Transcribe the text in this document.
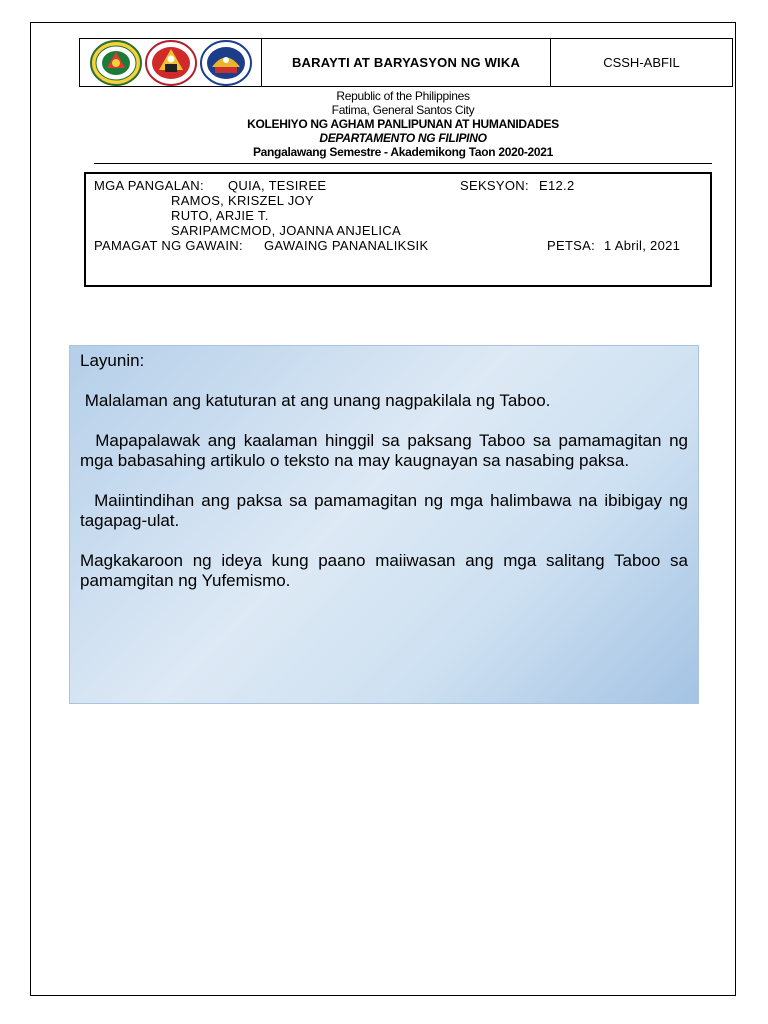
BARAYTI AT BARYASYON NG WIKA	CSSH-ABFIL
Republic of the Philippines
Fatima, General Santos City
KOLEHIYO NG AGHAM PANLIPUNAN AT HUMANIDADES
DEPARTAMENTO NG FILIPINO
Pangalawang Semestre - Akademikong Taon 2020-2021
MGA PANGALAN: QUIA, TESIREE	SEKSYON: E12.2
RAMOS, KRISZEL JOY
RUTO, ARJIE T.
SARIPAMCMOD, JOANNA ANJELICA
PAMAGAT NG GAWAIN: GAWAING PANANALIKSIK	PETSA: 1 Abril, 2021
Layunin:
Malalaman ang katuturan at ang unang nagpakilala ng Taboo.
Mapapalawak ang kaalaman hinggil sa paksang Taboo sa pamamagitan ng mga babasahing artikulo o teksto na may kaugnayan sa nasabing paksa.
Maiintindihan ang paksa sa pamamagitan ng mga halimbawa na ibibigay ng tagapag-ulat.
Magkakaroon ng ideya kung paano maiiwasan ang mga salitang Taboo sa pamamgitan ng Yufemismo.
